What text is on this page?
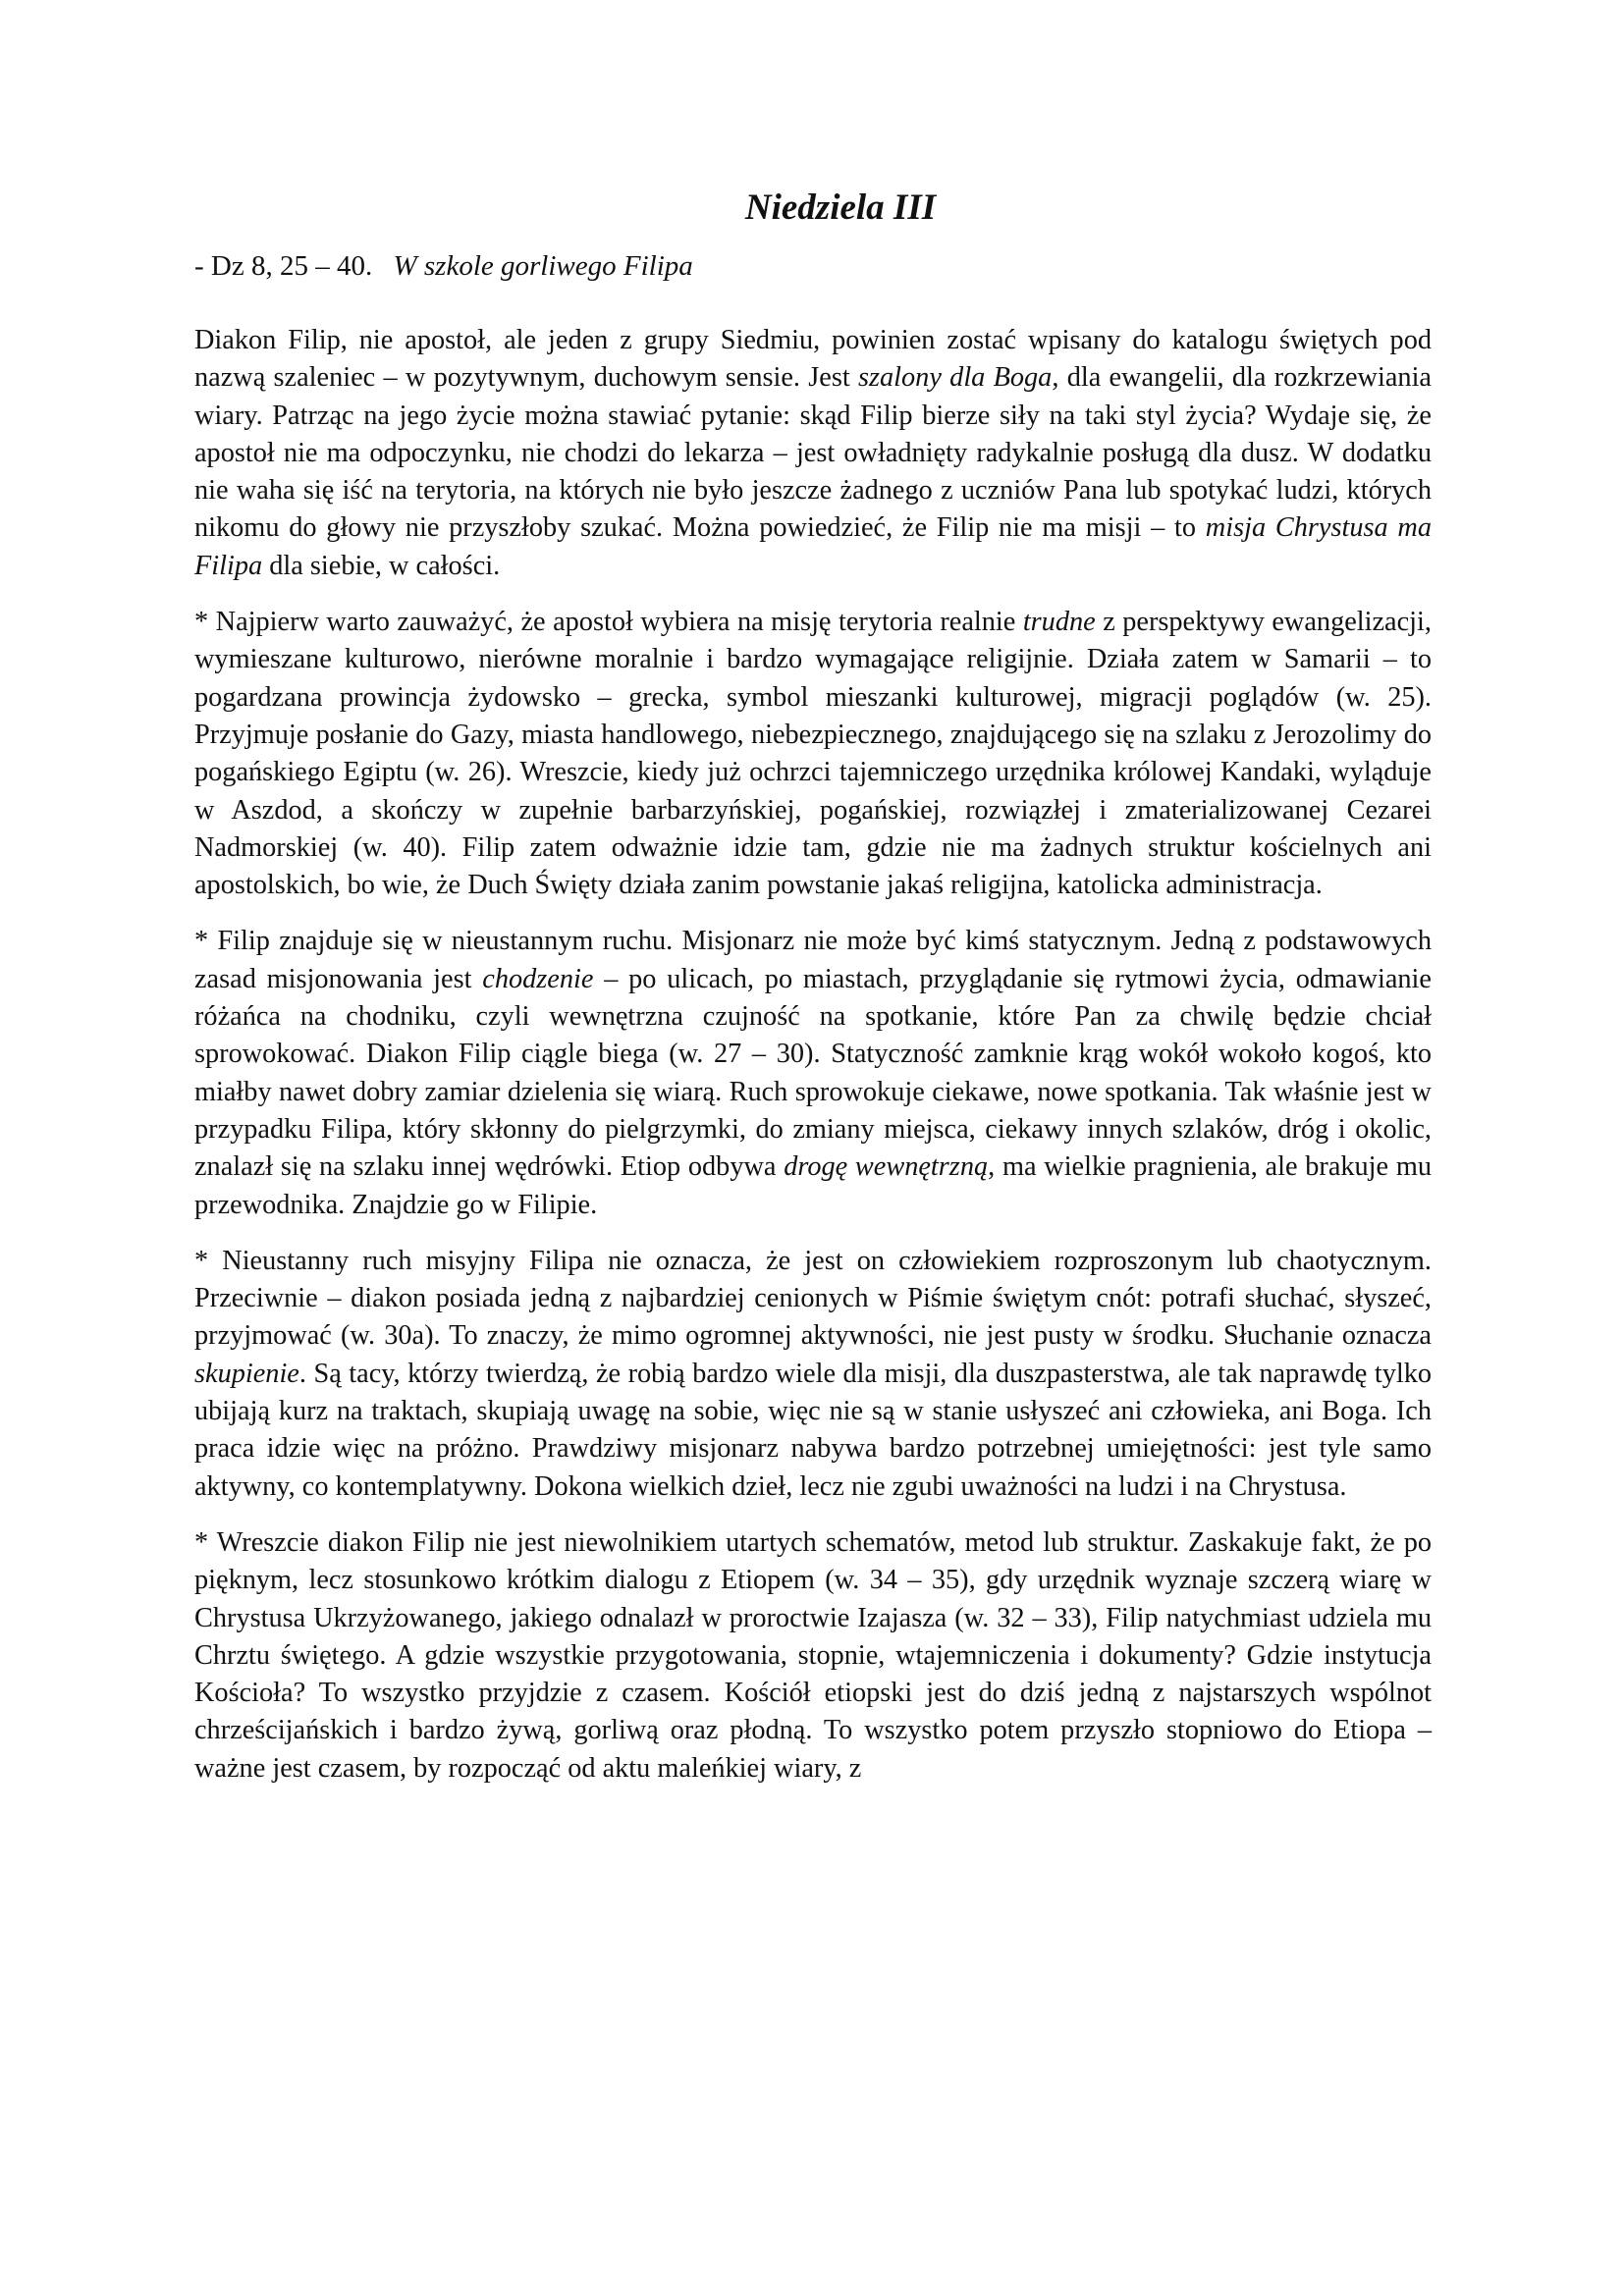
Niedziela III
- Dz 8, 25 – 40. W szkole gorliwego Filipa

Diakon Filip, nie apostoł, ale jeden z grupy Siedmiu, powinien zostać wpisany do katalogu świętych pod nazwą szaleniec – w pozytywnym, duchowym sensie. Jest szalony dla Boga, dla ewangelii, dla rozkrzewiania wiary. Patrząc na jego życie można stawiać pytanie: skąd Filip bierze siły na taki styl życia? Wydaje się, że apostoł nie ma odpoczynku, nie chodzi do lekarza – jest owładnięty radykalnie posługą dla dusz. W dodatku nie waha się iść na terytoria, na których nie było jeszcze żadnego z uczniów Pana lub spotykać ludzi, których nikomu do głowy nie przyszłoby szukać. Można powiedzieć, że Filip nie ma misji – to misja Chrystusa ma Filipa dla siebie, w całości.

* Najpierw warto zauważyć, że apostoł wybiera na misję terytoria realnie trudne z perspektywy ewangelizacji, wymieszane kulturowo, nierówne moralnie i bardzo wymagające religijnie. Działa zatem w Samarii – to pogardzana prowincja żydowsko – grecka, symbol mieszanki kulturowej, migracji poglądów (w. 25). Przyjmuje posłanie do Gazy, miasta handlowego, niebezpiecznego, znajdującego się na szlaku z Jerozolimy do pogańskiego Egiptu (w. 26). Wreszcie, kiedy już ochrzci tajemniczego urzędnika królowej Kandaki, wyląduje w Aszdod, a skończy w zupełnie barbarzyńskiej, pogańskiej, rozwiązłej i zmaterializowanej Cezarei Nadmorskiej (w. 40). Filip zatem odważnie idzie tam, gdzie nie ma żadnych struktur kościelnych ani apostolskich, bo wie, że Duch Święty działa zanim powstanie jakaś religijna, katolicka administracja.

* Filip znajduje się w nieustannym ruchu. Misjonarz nie może być kimś statycznym. Jedną z podstawowych zasad misjonowania jest chodzenie – po ulicach, po miastach, przyglądanie się rytmowi życia, odmawianie różańca na chodniku, czyli wewnętrzna czujność na spotkanie, które Pan za chwilę będzie chciał sprowokować. Diakon Filip ciągle biega (w. 27 – 30). Statyczność zamknie krąg wokół wokoło kogoś, kto miałby nawet dobry zamiar dzielenia się wiarą. Ruch sprowokuje ciekawe, nowe spotkania. Tak właśnie jest w przypadku Filipa, który skłonny do pielgrzymki, do zmiany miejsca, ciekawy innych szlaków, dróg i okolic, znalazł się na szlaku innej wędrówki. Etiop odbywa drogę wewnętrzną, ma wielkie pragnienia, ale brakuje mu przewodnika. Znajdzie go w Filipie.

* Nieustanny ruch misyjny Filipa nie oznacza, że jest on człowiekiem rozproszonym lub chaotycznym. Przeciwnie – diakon posiada jedną z najbardziej cenionych w Piśmie świętym cnót: potrafi słuchać, słyszeć, przyjmować (w. 30a). To znaczy, że mimo ogromnej aktywności, nie jest pusty w środku. Słuchanie oznacza skupienie. Są tacy, którzy twierdzą, że robią bardzo wiele dla misji, dla duszpasterstwa, ale tak naprawdę tylko ubijają kurz na traktach, skupiają uwagę na sobie, więc nie są w stanie usłyszeć ani człowieka, ani Boga. Ich praca idzie więc na próżno. Prawdziwy misjonarz nabywa bardzo potrzebnej umiejętności: jest tyle samo aktywny, co kontemplatywny. Dokona wielkich dzieł, lecz nie zgubi uważności na ludzi i na Chrystusa.

* Wreszcie diakon Filip nie jest niewolnikiem utartych schematów, metod lub struktur. Zaskakuje fakt, że po pięknym, lecz stosunkowo krótkim dialogu z Etiopem (w. 34 – 35), gdy urzędnik wyznaje szczerą wiarę w Chrystusa Ukrzyżowanego, jakiego odnalazł w proroctwie Izajasza (w. 32 – 33), Filip natychmiast udziela mu Chrztu świętego. A gdzie wszystkie przygotowania, stopnie, wtajemniczenia i dokumenty? Gdzie instytucja Kościoła? To wszystko przyjdzie z czasem. Kościół etiopski jest do dziś jedną z najstarszych wspólnot chrześcijańskich i bardzo żywą, gorliwą oraz płodną. To wszystko potem przyszło stopniowo do Etiopa – ważne jest czasem, by rozpocząć od aktu maleńkiej wiary, z
